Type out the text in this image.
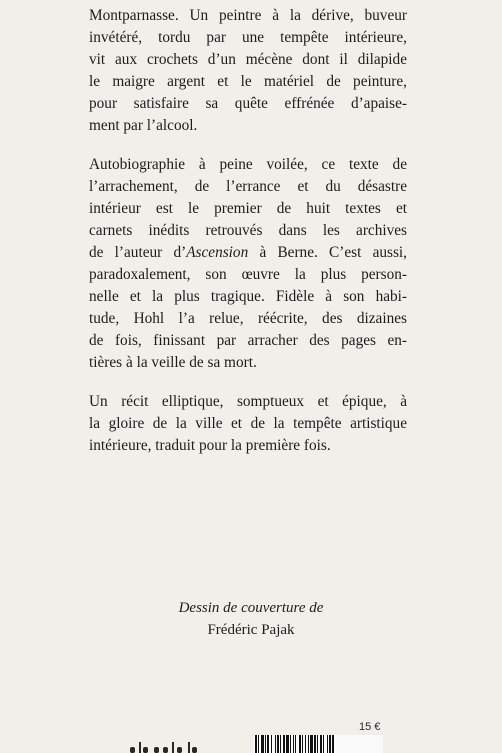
Montparnasse. Un peintre à la dérive, buveur
invétéré, tordu par une tempête intérieure,
vit aux crochets d’un mécène dont il dilapide
le maigre argent et le matériel de peinture,
pour satisfaire sa quête effrénée d’apaise-
ment par l’alcool.

Autobiographie à peine voilée, ce texte de
l’arrachement, de l’errance et du désastre
intérieur est le premier de huit textes et
carnets inédits retrouvés dans les archives
de l’auteur d’Ascension à Berne. C’est aussi,
paradoxalement, son œuvre la plus person-
nelle et la plus tragique. Fidèle à son habi-
tude, Hohl l’a relue, réécrite, des dizaines
de fois, finissant par arracher des pages en-
tières à la veille de sa mort.

Un récit elliptique, somptueux et épique, à
la gloire de la ville et de la tempête artistique
intérieure, traduit pour la première fois.

Dessin de couverture de
Frédéric Pajak
15 €
